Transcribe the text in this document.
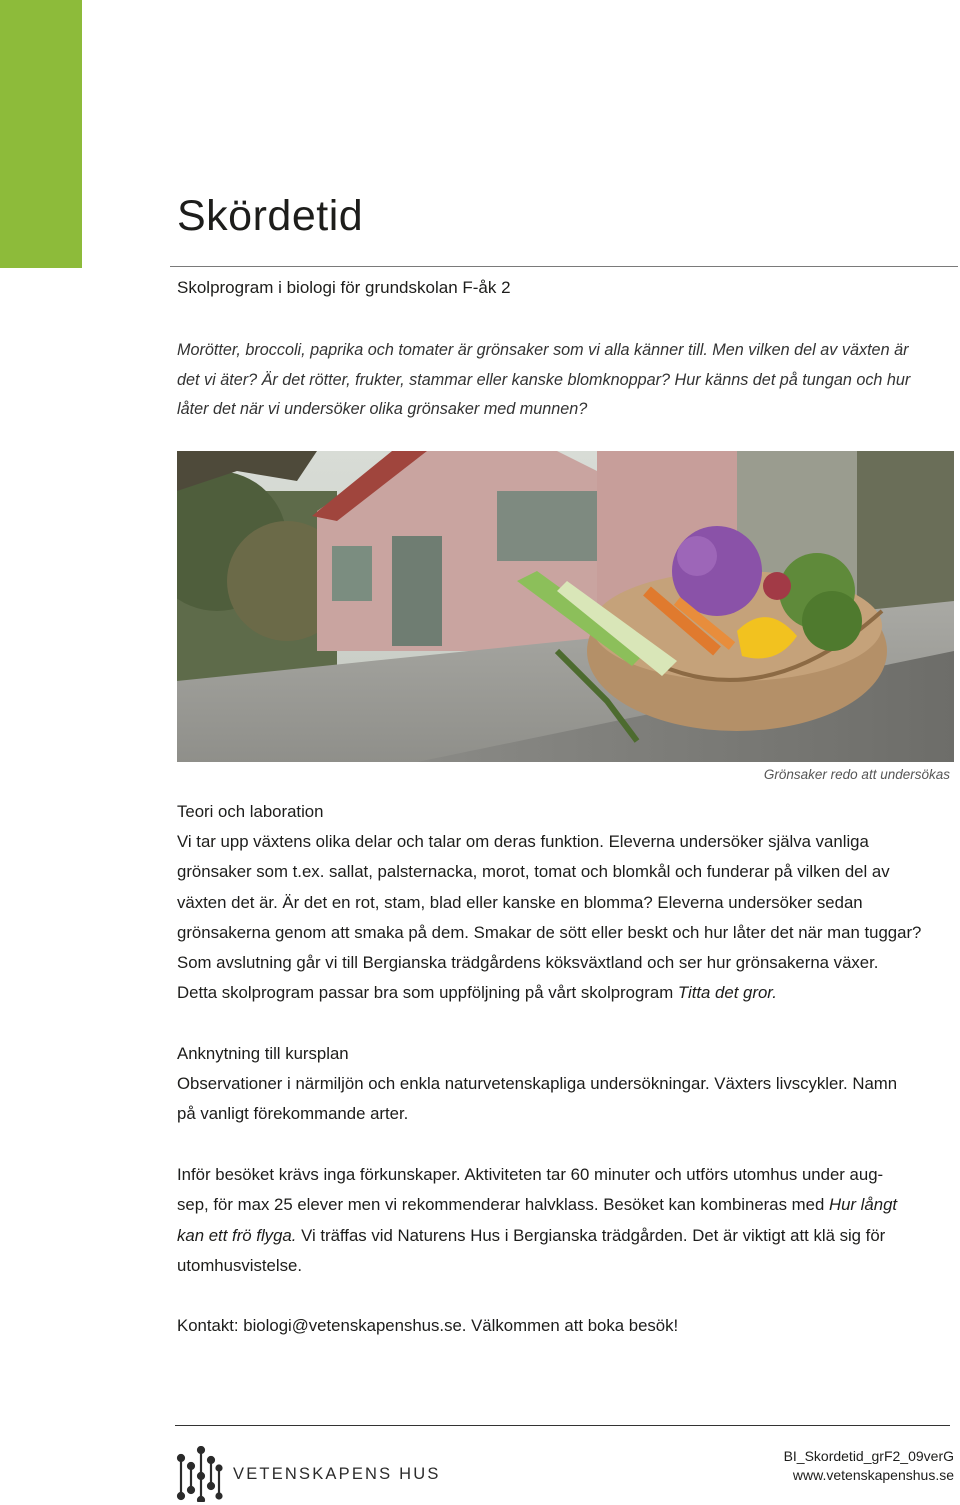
Skördetid
Skolprogram i biologi för grundskolan F-åk 2
Morötter, broccoli, paprika och tomater är grönsaker som vi alla känner till. Men vilken del av växten är
det vi äter? Är det rötter, frukter, stammar eller kanske blomknoppar? Hur känns det på tungan och hur
låter det när vi undersöker olika grönsaker med munnen?
Grönsaker redo att undersökas
Teori och laboration
Vi tar upp växtens olika delar och talar om deras funktion. Eleverna undersöker själva vanliga
grönsaker som t.ex. sallat, palsternacka, morot, tomat och blomkål och funderar på vilken del av
växten det är. Är det en rot, stam, blad eller kanske en blomma? Eleverna undersöker sedan
grönsakerna genom att smaka på dem. Smakar de sött eller beskt och hur låter det när man tuggar?
Som avslutning går vi till Bergianska trädgårdens köksväxtland och ser hur grönsakerna växer.
Detta skolprogram passar bra som uppföljning på vårt skolprogram Titta det gror.
Anknytning till kursplan
Observationer i närmiljön och enkla naturvetenskapliga undersökningar. Växters livscykler. Namn
på vanligt förekommande arter.
Inför besöket krävs inga förkunskaper. Aktiviteten tar 60 minuter och utförs utomhus under aug-
sep, för max 25 elever men vi rekommenderar halvklass. Besöket kan kombineras med Hur långt
kan ett frö flyga. Vi träffas vid Naturens Hus i Bergianska trädgården. Det är viktigt att klä sig för
utomhusvistelse.
Kontakt: biologi@vetenskapenshus.se. Välkommen att boka besök!
VETENSKAPENS HUS
BI_Skordetid_grF2_09verG
www.vetenskapenshus.se
